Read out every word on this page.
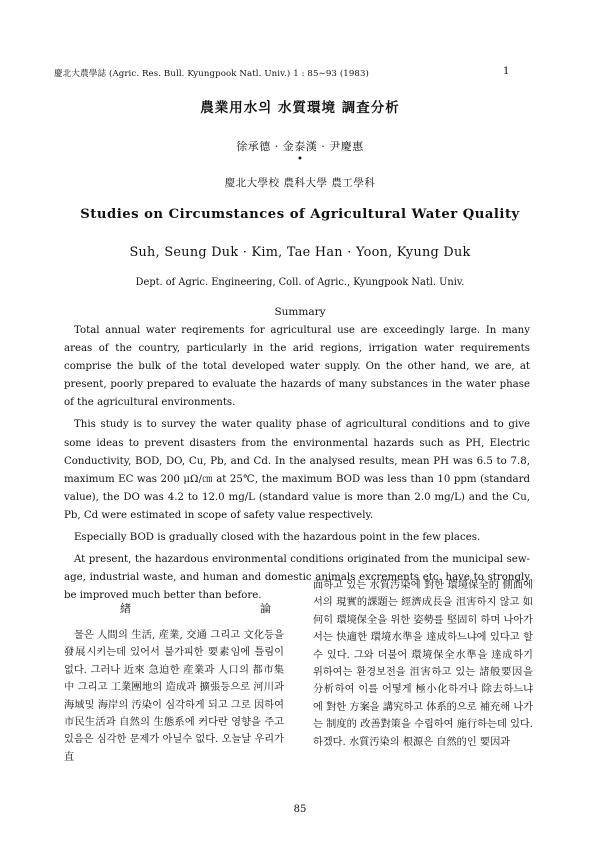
慶北大農學誌 (Agric. Res. Bull. Kyungpook Natl. Univ.) 1 : 85∼93 (1983)	1
農業用水의 水質環境 調査分析
徐承德 · 金泰漢 · 尹慶惠
•
慶北大學校 農科大學 農工學科
Studies on Circumstances of Agricultural Water Quality
Suh, Seung Duk · Kim, Tae Han · Yoon, Kyung Duk
Dept. of Agric. Engineering, Coll. of Agric., Kyungpook Natl. Univ.
Summary

Total annual water reqirements for agricultural use are exceedingly large. In many areas of the country, particularly in the arid regions, irrigation water requirements comprise the bulk of the total developed water supply. On the other hand, we are, at present, poorly prepared to evaluate the hazards of many substances in the water phase of the agricultural environments.

This study is to survey the water quality phase of agricultural conditions and to give some ideas to prevent disasters from the environmental hazards such as PH, Electric Conductivity, BOD, DO, Cu, Pb, and Cd. In the analysed results, mean PH was 6.5 to 7.8, maximum EC was 200 μΩ/㎝ at 25℃, the maximum BOD was less than 10 ppm (standard value), the DO was 4.2 to 12.0 mg/L (standard value is more than 2.0 mg/L) and the Cu, Pb, Cd were estimated in scope of safety value respectively.

Especially BOD is gradually closed with the hazardous point in the few places.

At present, the hazardous environmental conditions originated from the municipal sew-age, industrial waste, and human and domestic animals excrements etc. have to strongly be improved much better than before.

緖	論

물은 人間의 生活, 産業, 交通 그리고 文化등을 發展시키는데 있어서 불가피한 要素임에 틀림이 없다. 그러나 近來 急迫한 産業과 人口의 都市集中 그리고 工業團地의 造成과 擴張등으로 河川과 海域및 海岸의 汚染이 심각하게 되고 그로 因하여 市民生活과 自然의 生態系에 커다란 영향을 주고 있음은 심각한 문제가 아닐수 없다. 오늘날 우리가 直

面하고 있는 水質汚染에 對한 環境保全的 側面에서의 現實的課題는 經濟成長을 沮害하지 않고 如何히 環境保全을 위한 姿勢를 堅固히 하며 나아가서는 快適한 環境水準을 達成하느냐에 있다고 할 수 있다. 그와 더불어 環境保全水準을 達成하기 위하여는 환경보전을 沮害하고 있는 諸般要因을 分析하여 이를 어떻게 極小化하거나 除去하느냐에 對한 方案을 講究하고 体系的으로 補充해 나가는 制度的 改善對策을 수립하여 施行하는데 있다.하겠다. 水質汚染의 根源은 自然的인 要因과

85
